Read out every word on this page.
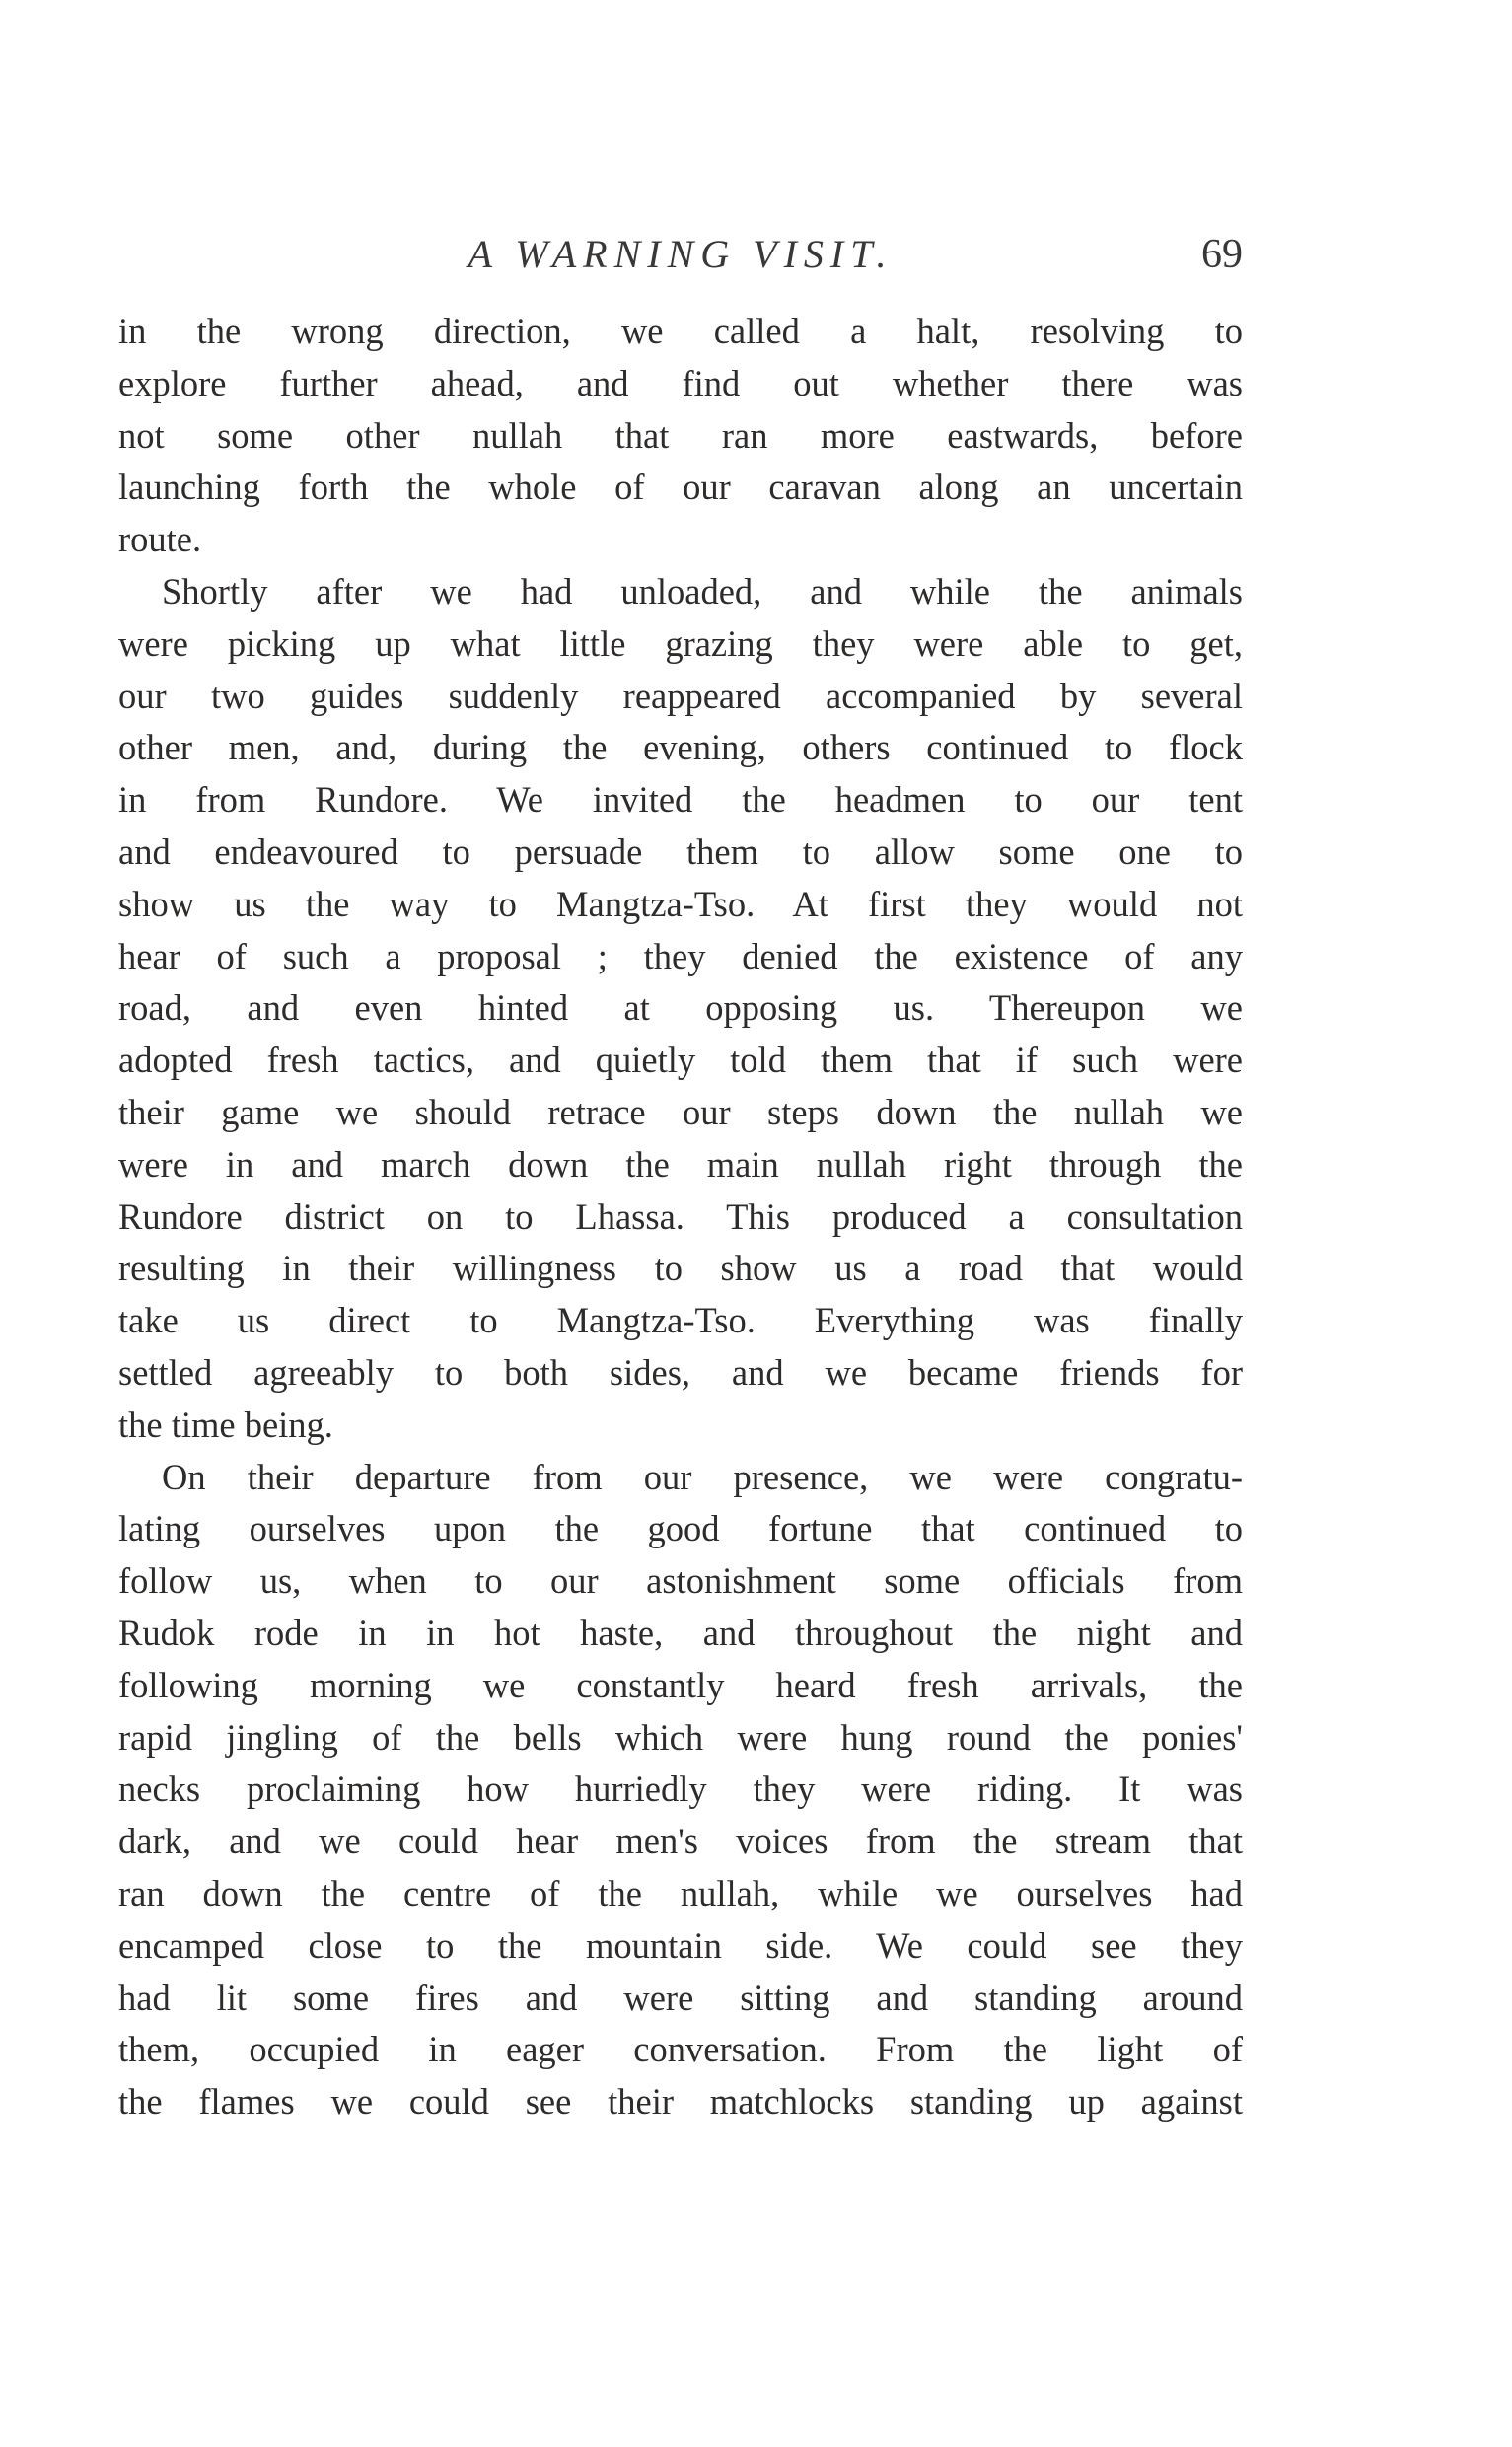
A WARNING VISIT.	69
in the wrong direction, we called a halt, resolving to
explore further ahead, and find out whether there was
not some other nullah that ran more eastwards, before
launching forth the whole of our caravan along an uncertain
route.
Shortly after we had unloaded, and while the animals
were picking up what little grazing they were able to get,
our two guides suddenly reappeared accompanied by several
other men, and, during the evening, others continued to flock
in from Rundore. We invited the headmen to our tent
and endeavoured to persuade them to allow some one to
show us the way to Mangtza-Tso. At first they would not
hear of such a proposal ; they denied the existence of any
road, and even hinted at opposing us. Thereupon we
adopted fresh tactics, and quietly told them that if such were
their game we should retrace our steps down the nullah we
were in and march down the main nullah right through the
Rundore district on to Lhassa. This produced a consultation
resulting in their willingness to show us a road that would
take us direct to Mangtza-Tso. Everything was finally
settled agreeably to both sides, and we became friends for
the time being.
On their departure from our presence, we were congratu-
lating ourselves upon the good fortune that continued to
follow us, when to our astonishment some officials from
Rudok rode in in hot haste, and throughout the night and
following morning we constantly heard fresh arrivals, the
rapid jingling of the bells which were hung round the ponies'
necks proclaiming how hurriedly they were riding. It was
dark, and we could hear men's voices from the stream that
ran down the centre of the nullah, while we ourselves had
encamped close to the mountain side. We could see they
had lit some fires and were sitting and standing around
them, occupied in eager conversation. From the light of
the flames we could see their matchlocks standing up against
